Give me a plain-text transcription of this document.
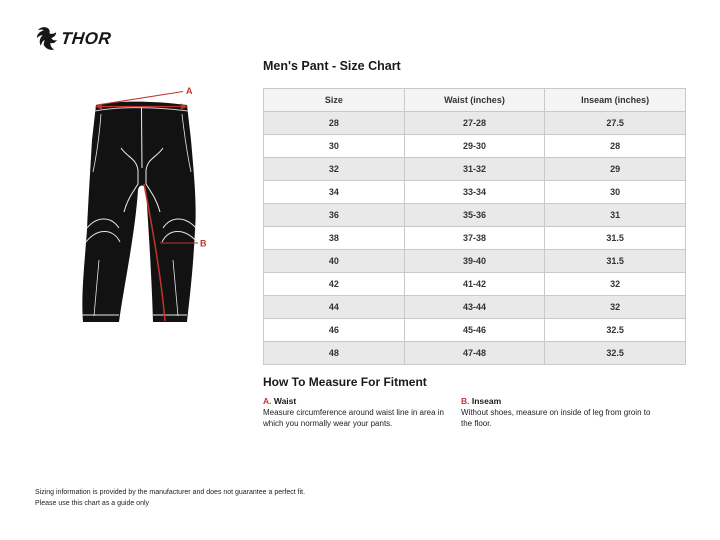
THOR
A
B
Men's Pant - Size Chart
Size	Waist (inches)	Inseam (inches)
28	27-28	27.5
30	29-30	28
32	31-32	29
34	33-34	30
36	35-36	31
38	37-38	31.5
40	39-40	31.5
42	41-42	32
44	43-44	32
46	45-46	32.5
48	47-48	32.5
How To Measure For Fitment
A. Waist
Measure circumference around waist line in area in which you normally wear your pants.
B. Inseam
Without shoes, measure on inside of leg from groin to the floor.
Sizing information is provided by the manufacturer and does not guarantee a perfect fit.
Please use this chart as a guide only
